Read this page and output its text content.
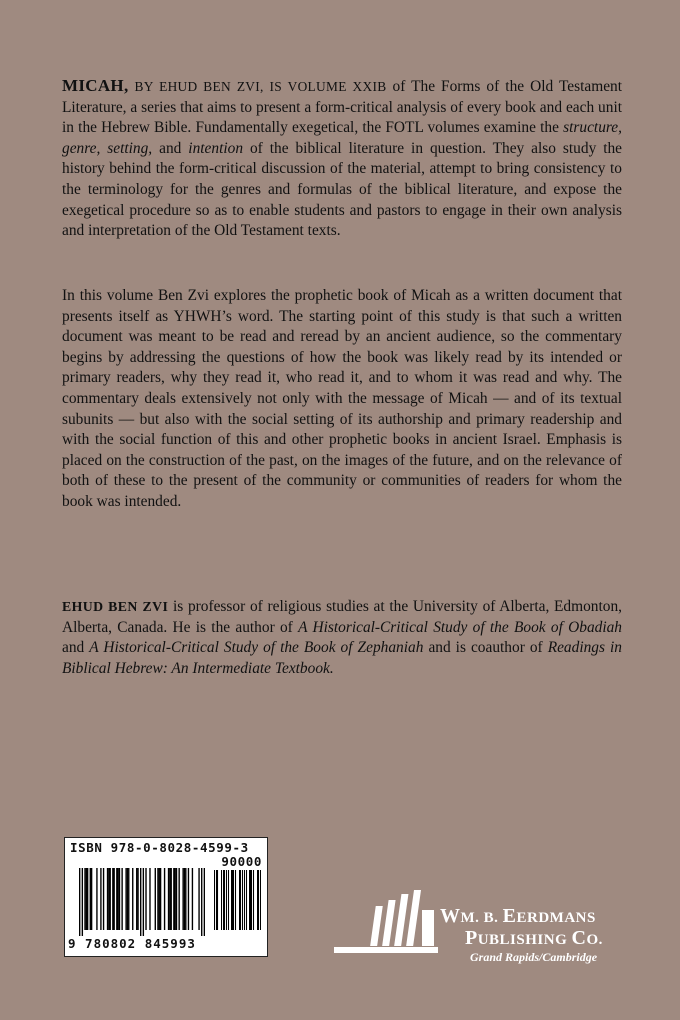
MICAH, BY EHUD BEN ZVI, IS VOLUME XXIB of The Forms of the Old Testament Literature, a series that aims to present a form-critical analysis of every book and each unit in the Hebrew Bible. Fundamentally exegetical, the FOTL volumes examine the structure, genre, setting, and intention of the biblical literature in question. They also study the history behind the form-critical discussion of the material, attempt to bring consistency to the terminology for the genres and formulas of the biblical literature, and expose the exegetical procedure so as to enable students and pastors to engage in their own analysis and interpretation of the Old Testament texts.

In this volume Ben Zvi explores the prophetic book of Micah as a written document that presents itself as YHWH’s word. The starting point of this study is that such a written document was meant to be read and reread by an ancient audience, so the commentary begins by addressing the questions of how the book was likely read by its intended or primary readers, why they read it, who read it, and to whom it was read and why. The commentary deals extensively not only with the message of Micah — and of its textual subunits — but also with the social setting of its authorship and primary readership and with the social function of this and other prophetic books in ancient Israel. Emphasis is placed on the construction of the past, on the images of the future, and on the relevance of both of these to the present of the community or communities of readers for whom the book was intended.

EHUD BEN ZVI is professor of religious studies at the University of Alberta, Edmonton, Alberta, Canada. He is the author of A Historical-Critical Study of the Book of Obadiah and A Historical-Critical Study of the Book of Zephaniah and is coauthor of Readings in Biblical Hebrew: An Intermediate Textbook.

ISBN 978-0-8028-4599-3
90000
9 780802 845993
WM. B. EERDMANS
PUBLISHING CO.
Grand Rapids/Cambridge
